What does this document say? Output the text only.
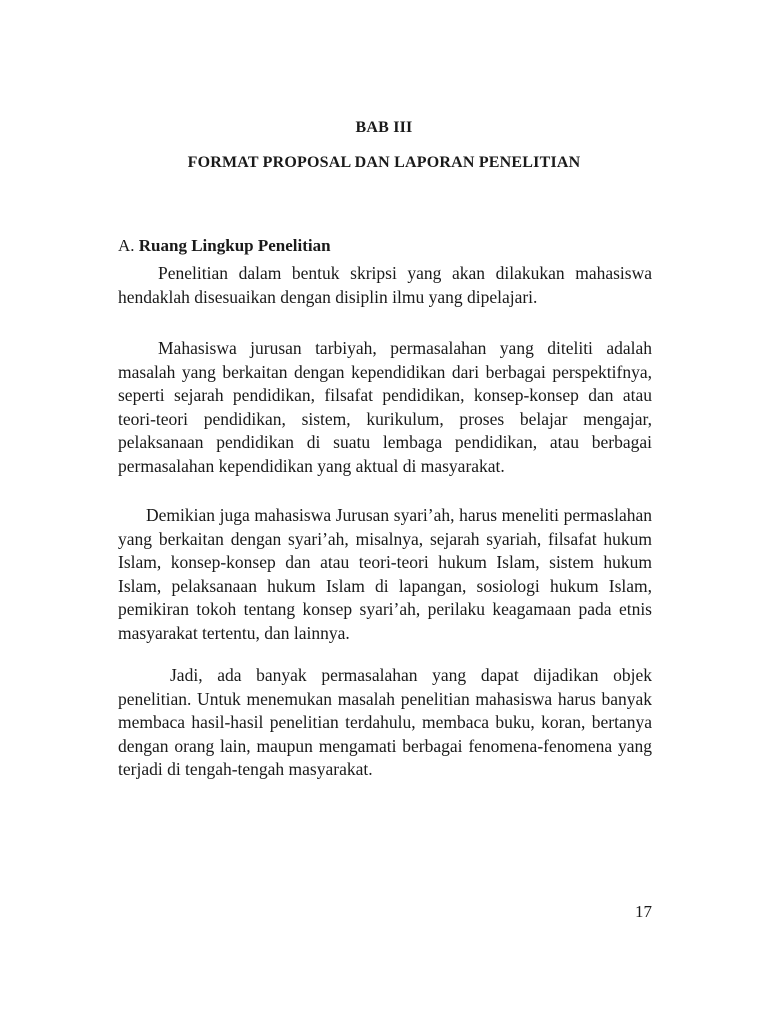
BAB III
FORMAT PROPOSAL DAN LAPORAN PENELITIAN
A. Ruang Lingkup Penelitian

Penelitian dalam bentuk skripsi yang akan dilakukan mahasiswa hendaklah disesuaikan dengan disiplin ilmu yang dipelajari.

Mahasiswa jurusan tarbiyah, permasalahan yang diteliti adalah masalah yang berkaitan dengan kependidikan dari berbagai perspektifnya, seperti sejarah pendidikan, filsafat pendidikan, konsep-konsep dan atau teori-teori pendidikan, sistem, kurikulum, proses belajar mengajar, pelaksanaan pendidikan di suatu lembaga pendidikan, atau berbagai permasalahan kependidikan yang aktual di masyarakat.

Demikian juga mahasiswa Jurusan syari’ah, harus meneliti permaslahan yang berkaitan dengan syari’ah, misalnya, sejarah syariah, filsafat hukum Islam, konsep-konsep dan atau teori-teori hukum Islam, sistem hukum Islam, pelaksanaan hukum Islam di lapangan, sosiologi hukum Islam, pemikiran tokoh tentang konsep syari’ah, perilaku keagamaan pada etnis masyarakat tertentu, dan lainnya.

Jadi, ada banyak permasalahan yang dapat dijadikan objek penelitian. Untuk menemukan masalah penelitian mahasiswa harus banyak membaca hasil-hasil penelitian terdahulu, membaca buku, koran, bertanya dengan orang lain, maupun mengamati berbagai fenomena-fenomena yang terjadi di tengah-tengah masyarakat.

17
